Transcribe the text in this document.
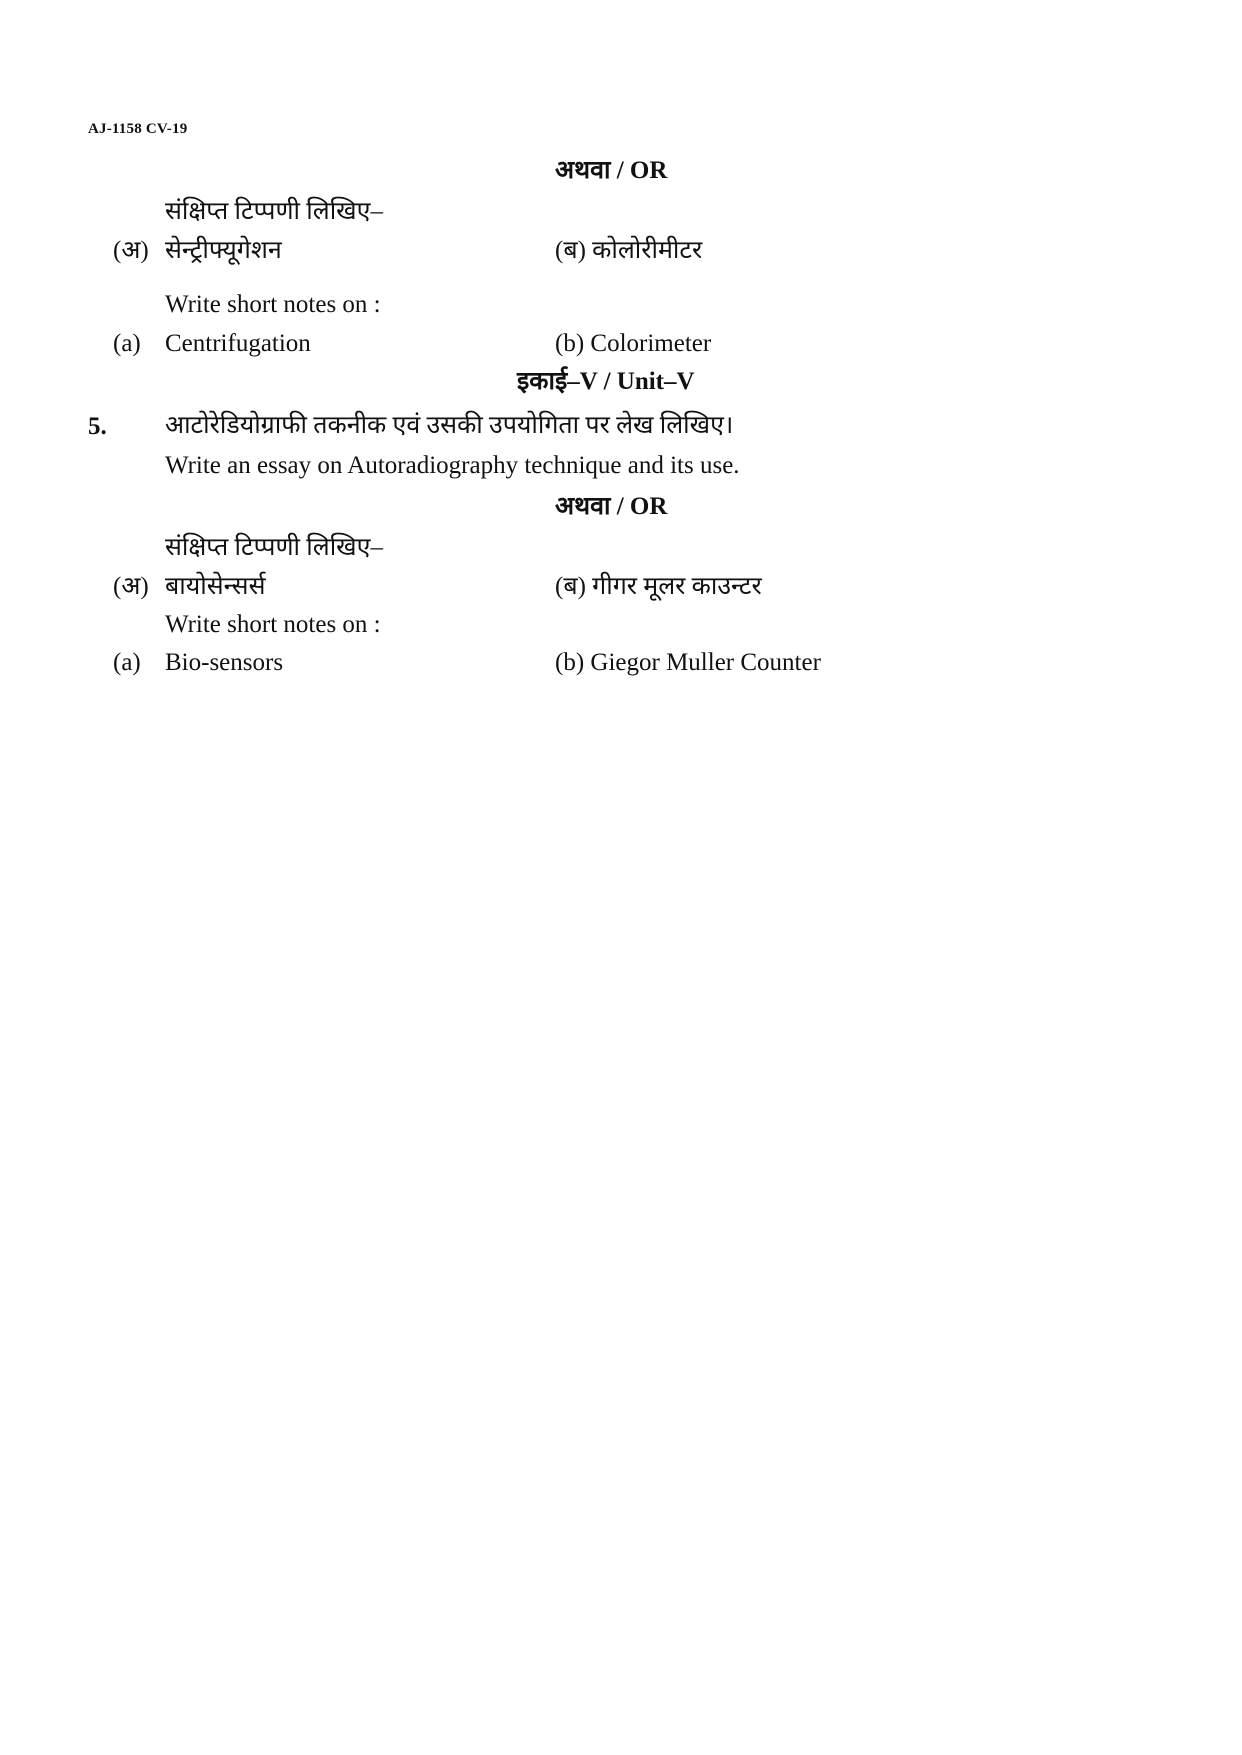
AJ-1158 CV-19
अथवा / OR
संक्षिप्त टिप्पणी लिखिए–
(अ) सेन्ट्रीफ्यूगेशन	(ब) कोलोरीमीटर
Write short notes on :
(a) Centrifugation	(b) Colorimeter
इकाई–V / Unit–V
5. आटोरेडियोग्राफी तकनीक एवं उसकी उपयोगिता पर लेख लिखिए।
Write an essay on Autoradiography technique and its use.
अथवा / OR
संक्षिप्त टिप्पणी लिखिए–
(अ) बायोसेन्सर्स	(ब) गीगर मूलर काउन्टर
Write short notes on :
(a) Bio-sensors	(b) Giegor Muller Counter
